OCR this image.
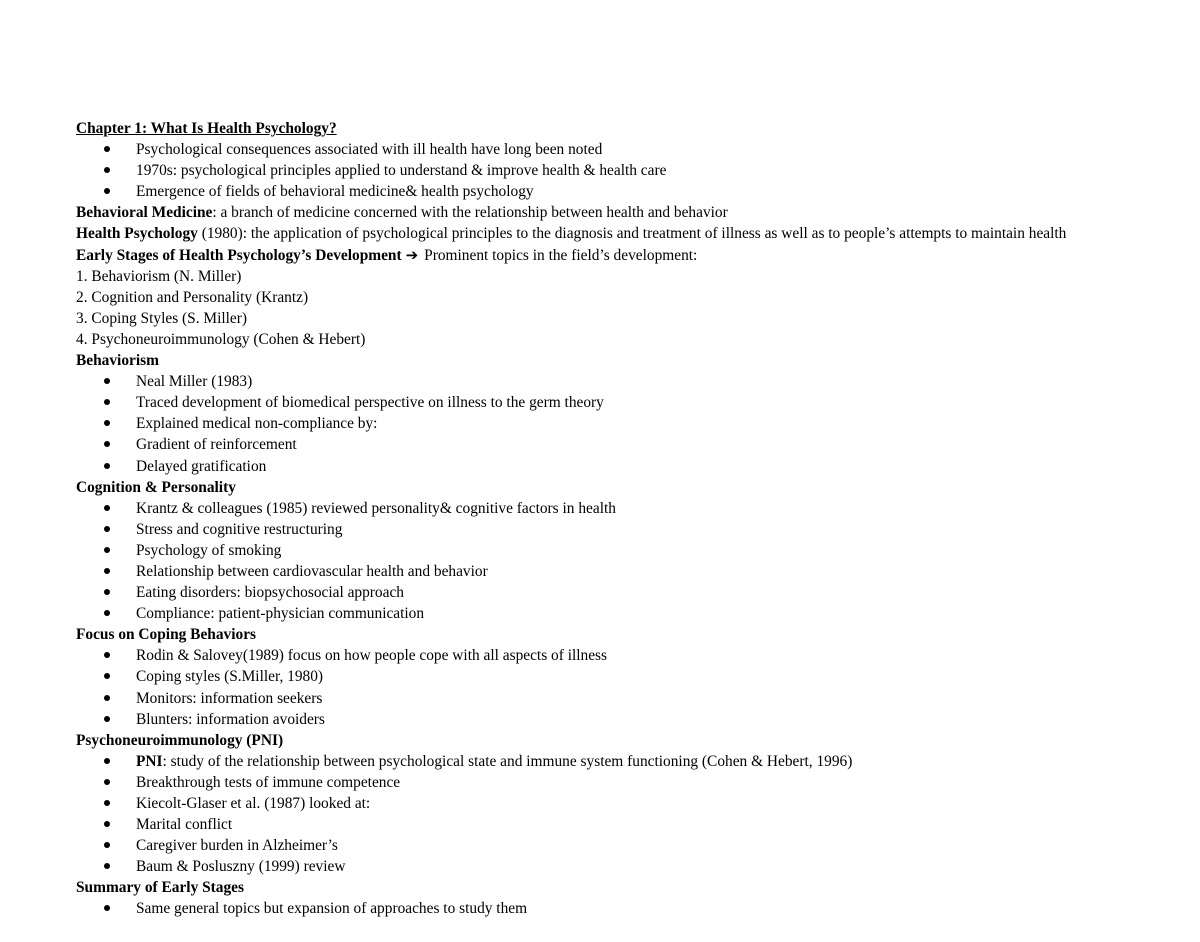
Chapter 1: What Is Health Psychology?
Psychological consequences associated with ill health have long been noted
1970s: psychological principles applied to understand & improve health & health care
Emergence of fields of behavioral medicine& health psychology
Behavioral Medicine: a branch of medicine concerned with the relationship between health and behavior
Health Psychology (1980): the application of psychological principles to the diagnosis and treatment of illness as well as to people’s attempts to maintain health
Early Stages of Health Psychology’s Development ➔ Prominent topics in the field’s development:
1. Behaviorism (N. Miller)
2. Cognition and Personality (Krantz)
3. Coping Styles (S. Miller)
4. Psychoneuroimmunology (Cohen & Hebert)
Behaviorism
Neal Miller (1983)
Traced development of biomedical perspective on illness to the germ theory
Explained medical non-compliance by:
Gradient of reinforcement
Delayed gratification
Cognition & Personality
Krantz & colleagues (1985) reviewed personality& cognitive factors in health
Stress and cognitive restructuring
Psychology of smoking
Relationship between cardiovascular health and behavior
Eating disorders: biopsychosocial approach
Compliance: patient-physician communication
Focus on Coping Behaviors
Rodin & Salovey(1989) focus on how people cope with all aspects of illness
Coping styles (S.Miller, 1980)
Monitors: information seekers
Blunters: information avoiders
Psychoneuroimmunology (PNI)
PNI: study of the relationship between psychological state and immune system functioning (Cohen & Hebert, 1996)
Breakthrough tests of immune competence
Kiecolt-Glaser et al. (1987) looked at:
Marital conflict
Caregiver burden in Alzheimer’s
Baum & Posluszny (1999) review
Summary of Early Stages
Same general topics but expansion of approaches to study them
